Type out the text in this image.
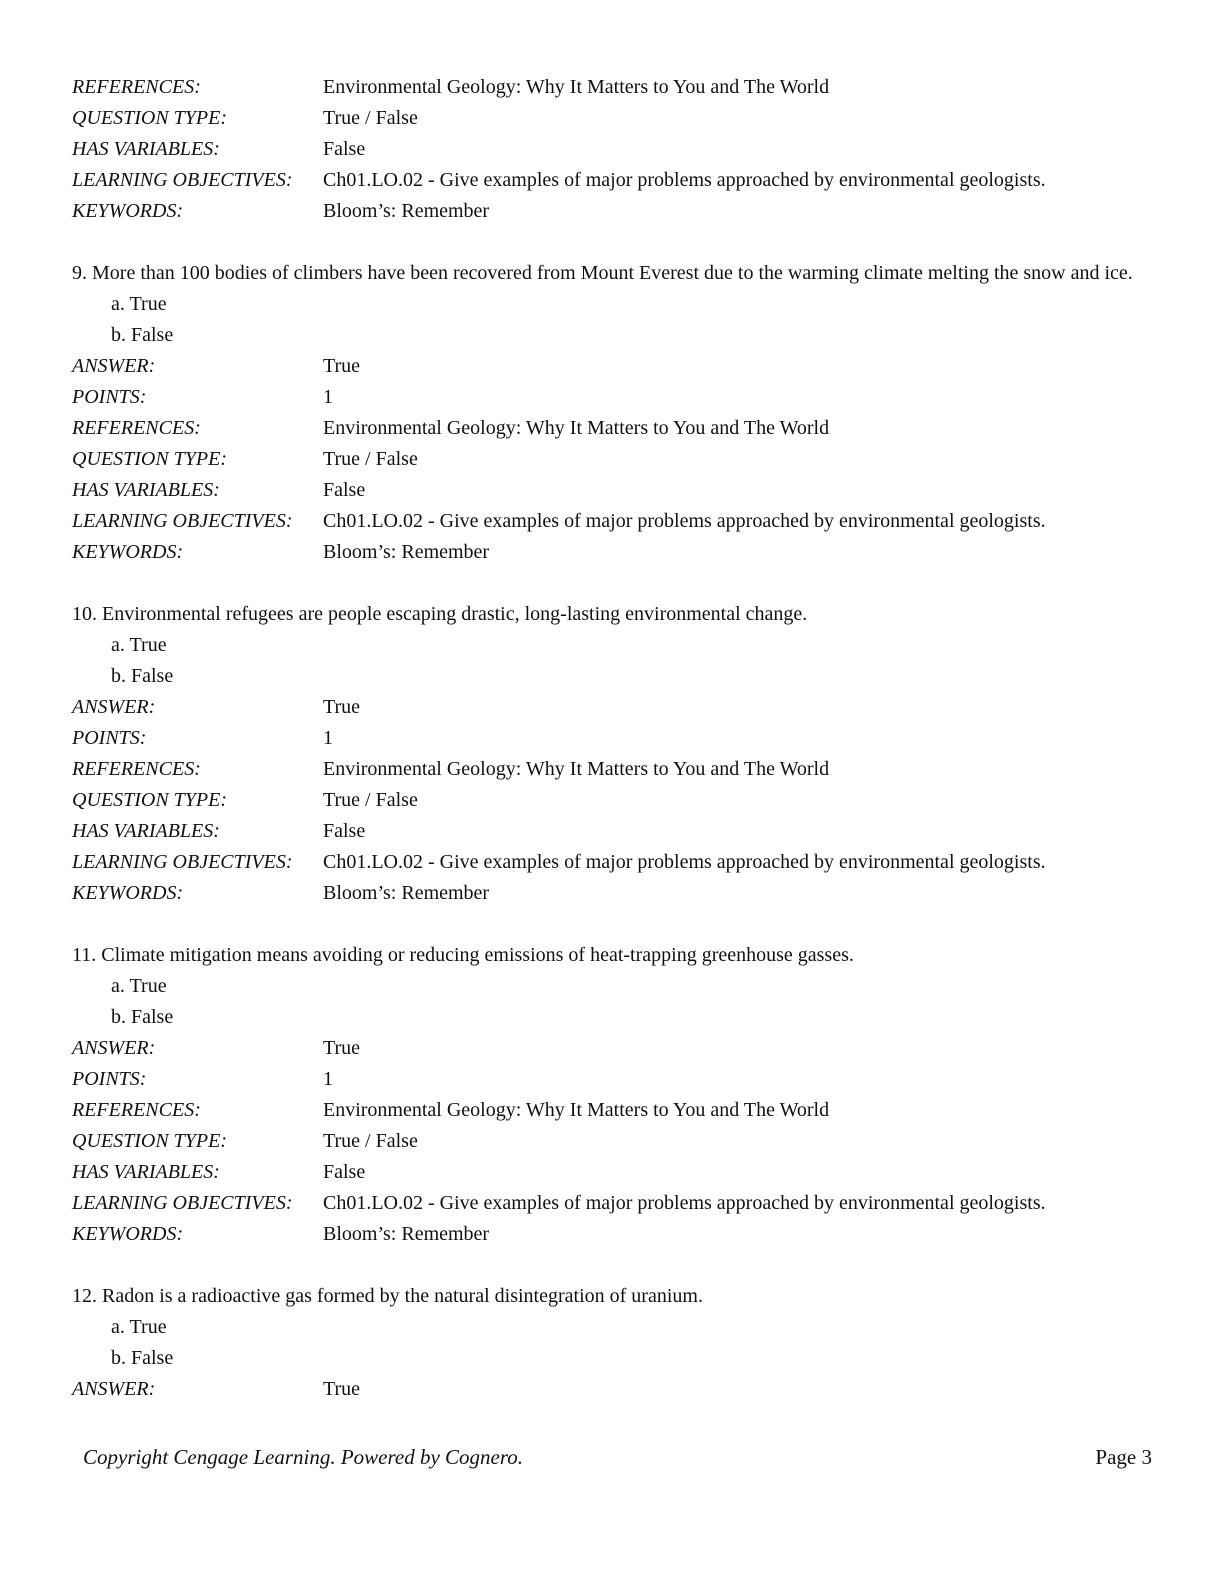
REFERENCES:	Environmental Geology: Why It Matters to You and The World
QUESTION TYPE:	True / False
HAS VARIABLES:	False
LEARNING OBJECTIVES:	Ch01.LO.02 - Give examples of major problems approached by environmental geologists.
KEYWORDS:	Bloom’s: Remember

9. More than 100 bodies of climbers have been recovered from Mount Everest due to the warming climate melting the snow and ice.

a. True
b. False
ANSWER:	True
POINTS:	1
REFERENCES:	Environmental Geology: Why It Matters to You and The World
QUESTION TYPE:	True / False
HAS VARIABLES:	False
LEARNING OBJECTIVES:	Ch01.LO.02 - Give examples of major problems approached by environmental geologists.
KEYWORDS:	Bloom’s: Remember

10. Environmental refugees are people escaping drastic, long-lasting environmental change.

a. True
b. False
ANSWER:	True
POINTS:	1
REFERENCES:	Environmental Geology: Why It Matters to You and The World
QUESTION TYPE:	True / False
HAS VARIABLES:	False
LEARNING OBJECTIVES:	Ch01.LO.02 - Give examples of major problems approached by environmental geologists.
KEYWORDS:	Bloom’s: Remember

11. Climate mitigation means avoiding or reducing emissions of heat-trapping greenhouse gasses.

a. True
b. False
ANSWER:	True
POINTS:	1
REFERENCES:	Environmental Geology: Why It Matters to You and The World
QUESTION TYPE:	True / False
HAS VARIABLES:	False
LEARNING OBJECTIVES:	Ch01.LO.02 - Give examples of major problems approached by environmental geologists.
KEYWORDS:	Bloom’s: Remember

12. Radon is a radioactive gas formed by the natural disintegration of uranium.

a. True
b. False
ANSWER:	True
Copyright Cengage Learning. Powered by Cognero.	Page 3
